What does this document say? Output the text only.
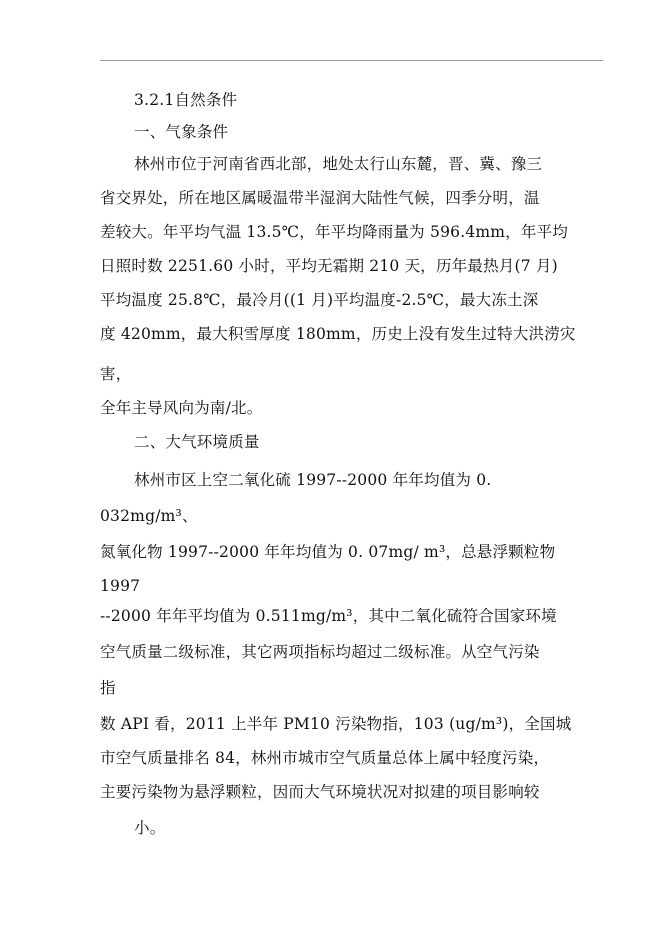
3.2.1自然条件
一、气象条件
林州市位于河南省西北部，地处太行山东麓，晋、冀、豫三
省交界处，所在地区属暖温带半湿润大陆性气候，四季分明，温
差较大。年平均气温 13.5℃，年平均降雨量为 596.4mm，年平均
日照时数 2251.60 小时，平均无霜期 210 天，历年最热月(7 月)
平均温度 25.8℃，最冷月((1 月)平均温度-2.5℃，最大冻土深
度 420mm，最大积雪厚度 180mm，历史上没有发生过特大洪涝灾
害，
全年主导风向为南/北。
二、大气环境质量
林州市区上空二氧化硫 1997--2000 年年均值为 0.
032mg/m³、
氮氧化物 1997--2000 年年均值为 0. 07mg/ m³，总悬浮颗粒物
1997
--2000 年年平均值为 0.511mg/m³，其中二氧化硫符合国家环境
空气质量二级标准，其它两项指标均超过二级标准。从空气污染
指
数 API 看，2011 上半年 PM10 污染物指，103 (ug/m³)，全国城
市空气质量排名 84，林州市城市空气质量总体上属中轻度污染，
主要污染物为悬浮颗粒，因而大气环境状况对拟建的项目影响较
小。
